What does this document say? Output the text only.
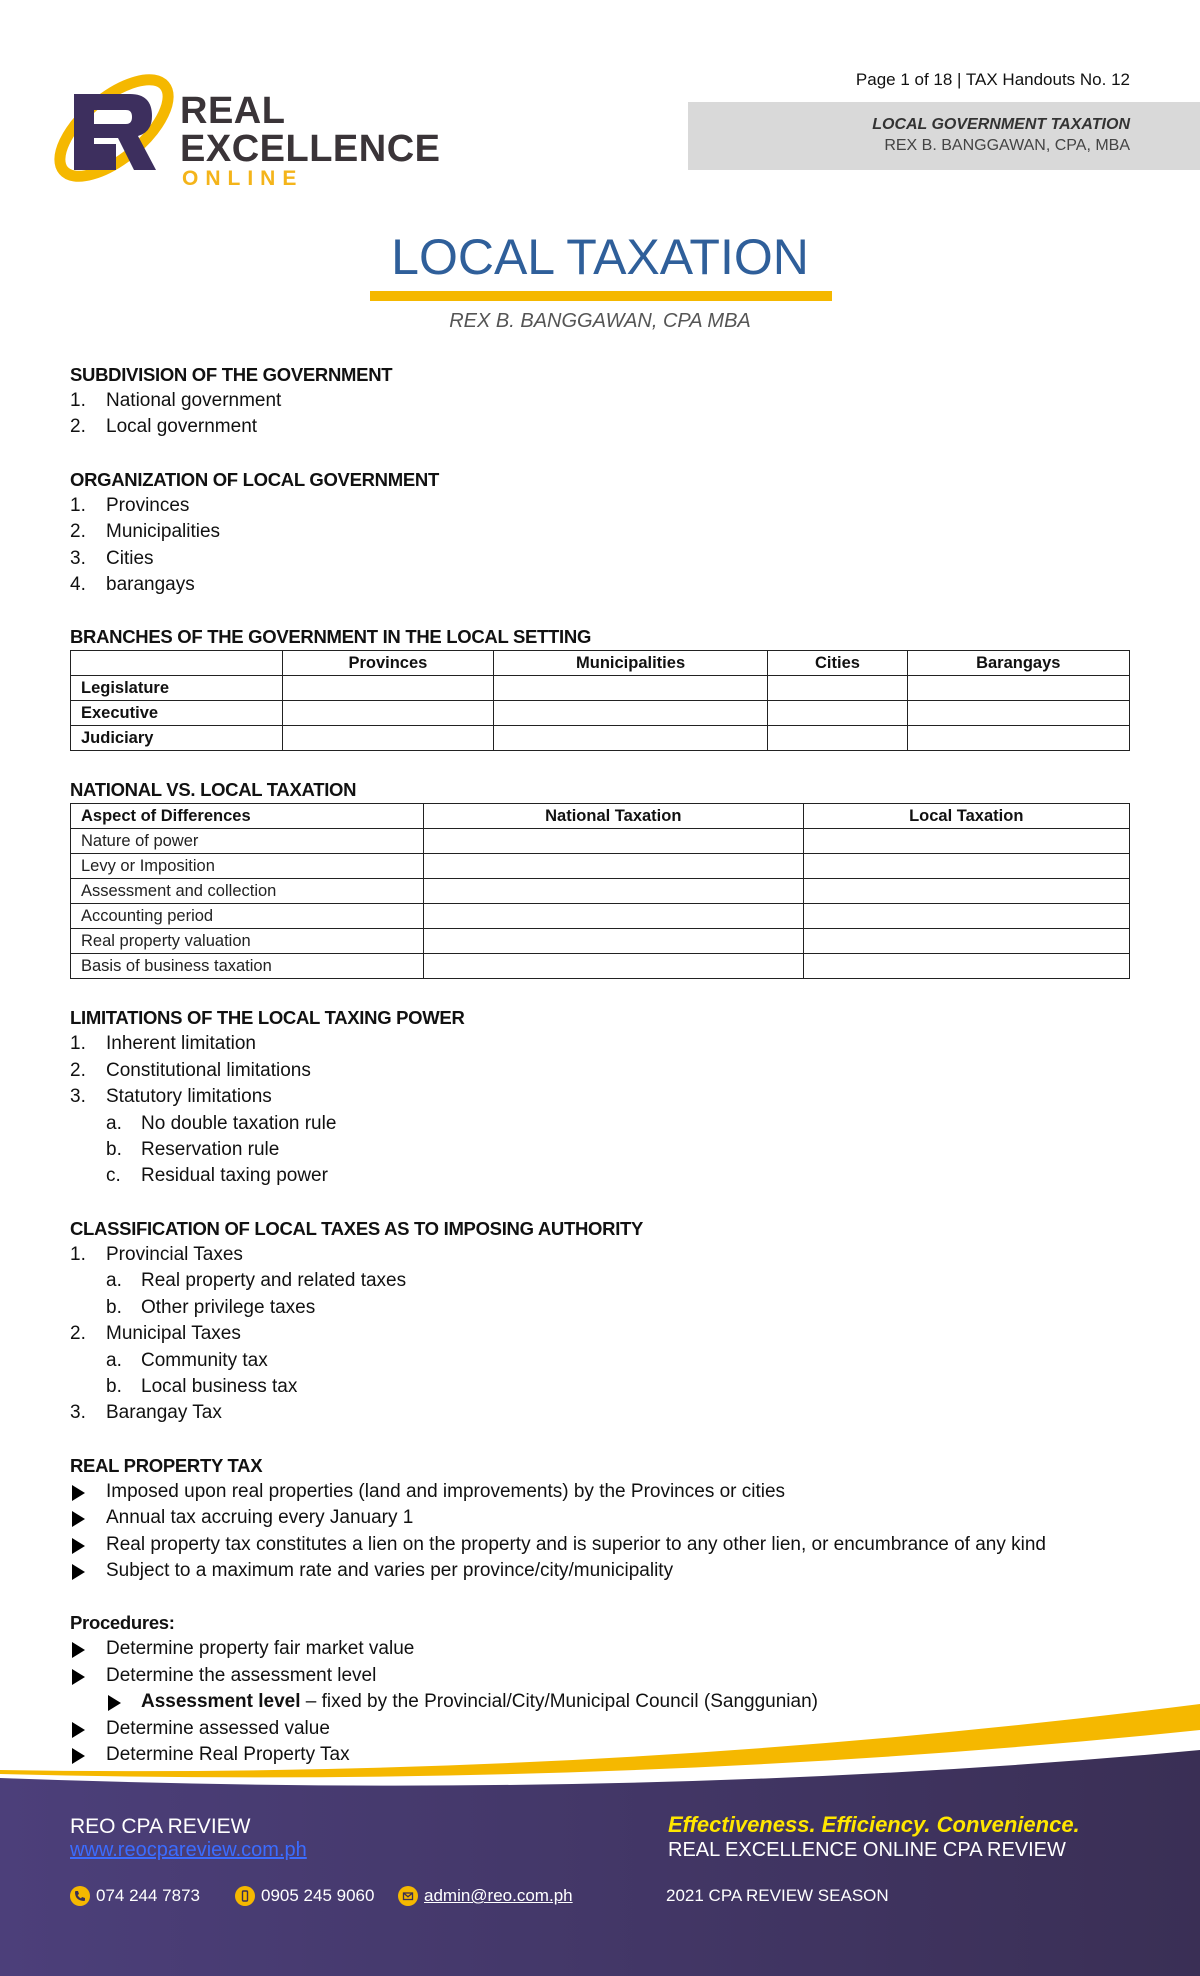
REAL
EXCELLENCE
ONLINE
Page 1 of 18 | TAX Handouts No. 12
LOCAL GOVERNMENT TAXATION
REX B. BANGGAWAN, CPA, MBA
LOCAL TAXATION
REX B. BANGGAWAN, CPA MBA
SUBDIVISION OF THE GOVERNMENT
1. National government
2. Local government
ORGANIZATION OF LOCAL GOVERNMENT
1. Provinces
2. Municipalities
3. Cities
4. barangays
BRANCHES OF THE GOVERNMENT IN THE LOCAL SETTING
	Provinces	Municipalities	Cities	Barangays
Legislature				
Executive				
Judiciary				
NATIONAL VS. LOCAL TAXATION
Aspect of Differences	National Taxation	Local Taxation
Nature of power		
Levy or Imposition		
Assessment and collection		
Accounting period		
Real property valuation		
Basis of business taxation		
LIMITATIONS OF THE LOCAL TAXING POWER
1. Inherent limitation
2. Constitutional limitations
3. Statutory limitations
a. No double taxation rule
b. Reservation rule
c. Residual taxing power
CLASSIFICATION OF LOCAL TAXES AS TO IMPOSING AUTHORITY
1. Provincial Taxes
a. Real property and related taxes
b. Other privilege taxes
2. Municipal Taxes
a. Community tax
b. Local business tax
3. Barangay Tax
REAL PROPERTY TAX
Imposed upon real properties (land and improvements) by the Provinces or cities
Annual tax accruing every January 1
Real property tax constitutes a lien on the property and is superior to any other lien, or encumbrance of any kind
Subject to a maximum rate and varies per province/city/municipality
Procedures:
Determine property fair market value
Determine the assessment level
Assessment level – fixed by the Provincial/City/Municipal Council (Sanggunian)
Determine assessed value
Determine Real Property Tax
REO CPA REVIEW
www.reocpareview.com.ph
Effectiveness. Efficiency. Convenience.
REAL EXCELLENCE ONLINE CPA REVIEW
074 244 7873	0905 245 9060	admin@reo.com.ph	2021 CPA REVIEW SEASON
